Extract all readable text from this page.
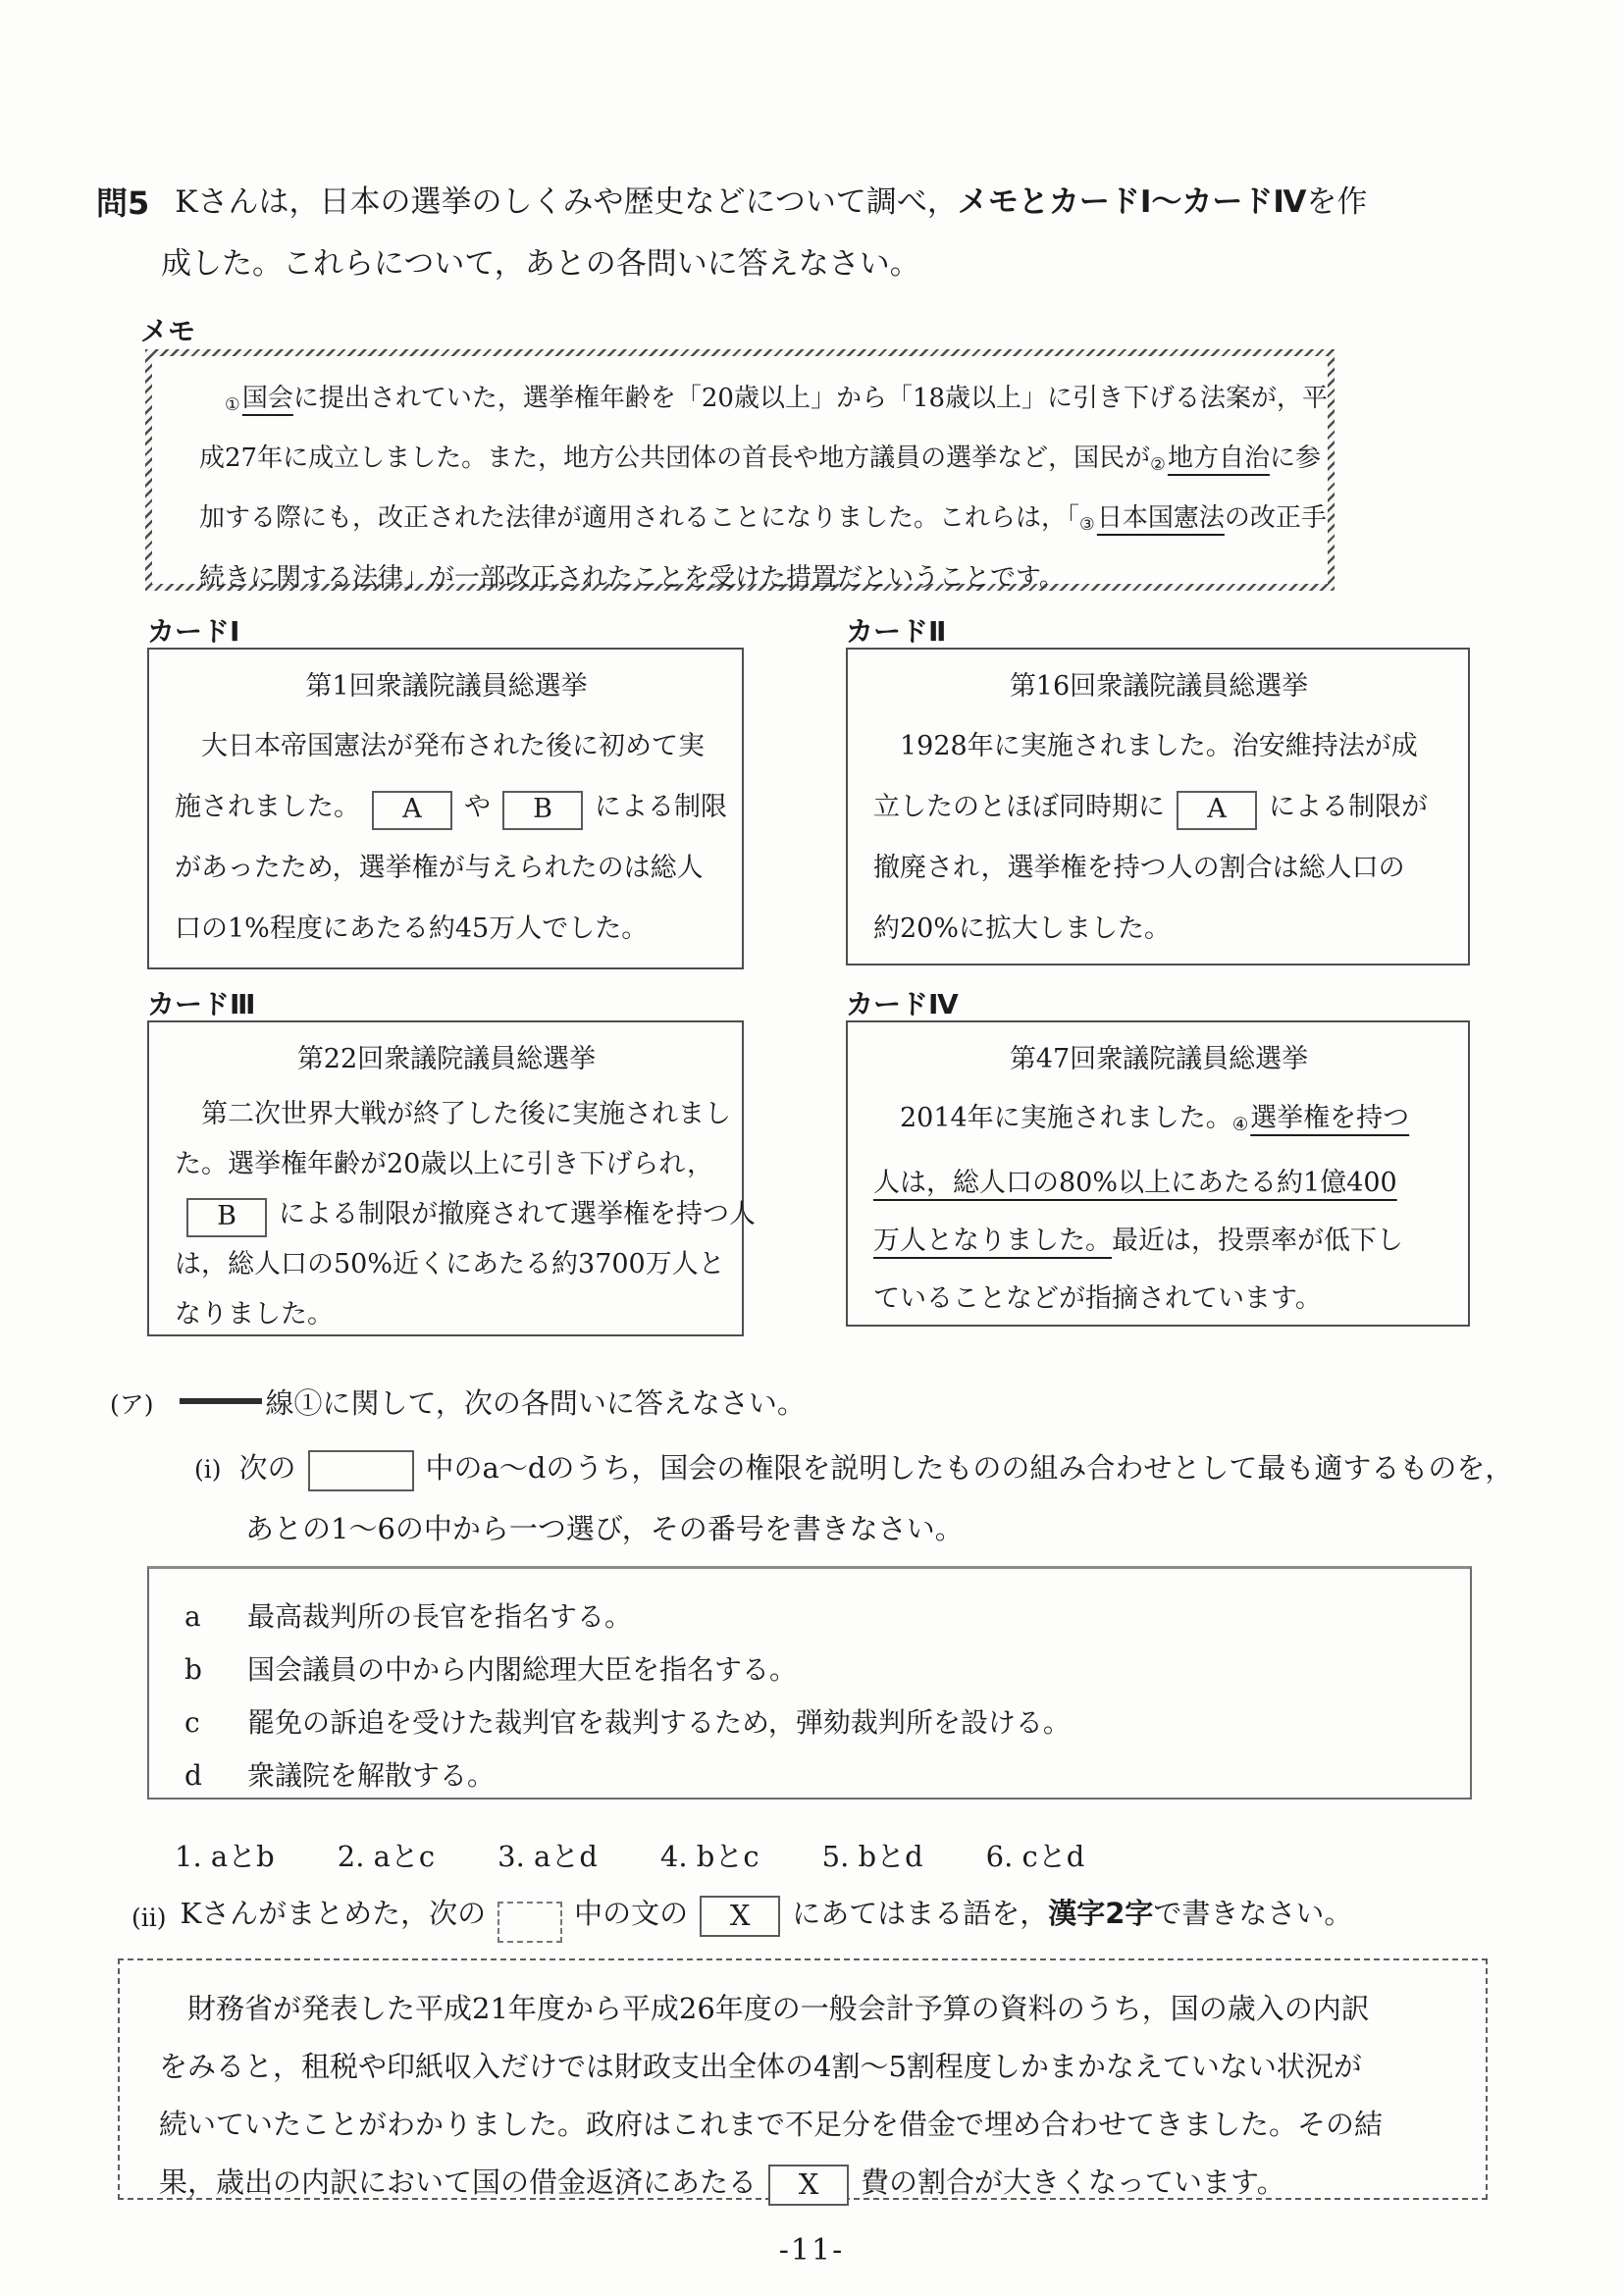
問5 Kさんは，日本の選挙のしくみや歴史などについて調べ，メモとカードⅠ～カードⅣを作
成した。これらについて，あとの各問いに答えなさい。
メモ
①国会に提出されていた，選挙権年齢を「20歳以上」から「18歳以上」に引き下げる法案が，平
成27年に成立しました。また，地方公共団体の首長や地方議員の選挙など，国民が②地方自治に参
加する際にも，改正された法律が適用されることになりました。これらは，「③日本国憲法の改正手
続きに関する法律」が一部改正されたことを受けた措置だということです。
カードⅠ	カードⅡ
カードⅢ	カードⅣ
第1回衆議院議員総選挙
大日本帝国憲法が発布された後に初めて実
施されました。 A や B による制限
があったため，選挙権が与えられたのは総人
口の1%程度にあたる約45万人でした。
第16回衆議院議員総選挙
1928年に実施されました。治安維持法が成
立したのとほぼ同時期に A による制限が
撤廃され，選挙権を持つ人の割合は総人口の
約20%に拡大しました。
第22回衆議院議員総選挙
第二次世界大戦が終了した後に実施されまし
た。選挙権年齢が20歳以上に引き下げられ，
B による制限が撤廃されて選挙権を持つ人
は，総人口の50%近くにあたる約3700万人と
なりました。
第47回衆議院議員総選挙
2014年に実施されました。④選挙権を持つ
人は，総人口の80%以上にあたる約1億400
万人となりました。最近は，投票率が低下し
ていることなどが指摘されています。
(ア)	線①に関して，次の各問いに答えなさい。
(i) 次の	中のa～dのうち，国会の権限を説明したものの組み合わせとして最も適するものを，
あとの1～6の中から一つ選び，その番号を書きなさい。
a 最高裁判所の長官を指名する。
b 国会議員の中から内閣総理大臣を指名する。
c 罷免の訴追を受けた裁判官を裁判するため，弾劾裁判所を設ける。
d 衆議院を解散する。
1. aとb 2. aとc 3. aとd 4. bとc 5. bとd 6. cとd
(ii) Kさんがまとめた，次の	中の文の X にあてはまる語を，漢字2字で書きなさい。
財務省が発表した平成21年度から平成26年度の一般会計予算の資料のうち，国の歳入の内訳
をみると，租税や印紙収入だけでは財政支出全体の4割～5割程度しかまかなえていない状況が
続いていたことがわかりました。政府はこれまで不足分を借金で埋め合わせてきました。その結
果，歳出の内訳において国の借金返済にあたる X 費の割合が大きくなっています。
-11-
